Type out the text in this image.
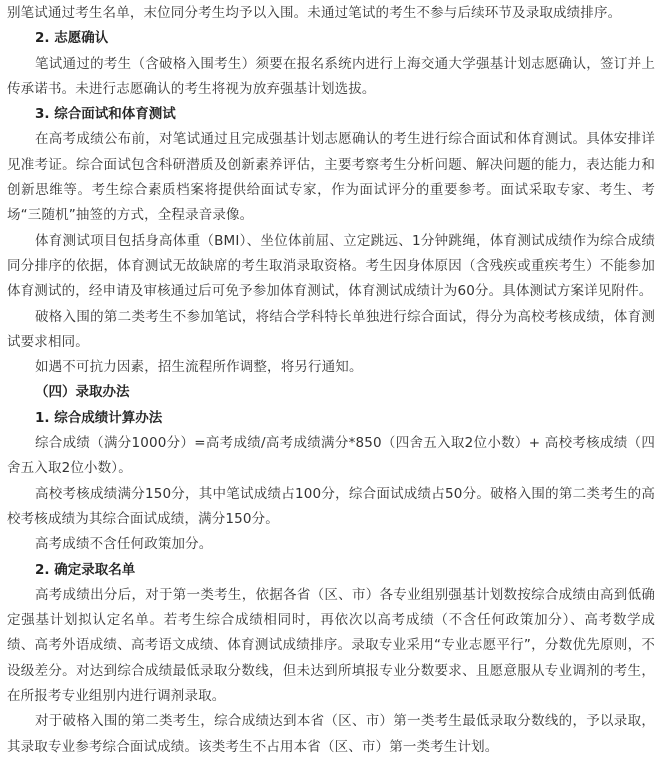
别笔试通过考生名单，末位同分考生均予以入围。未通过笔试的考生不参与后续环节及录取成绩排序。

2. 志愿确认

笔试通过的考生（含破格入围考生）须要在报名系统内进行上海交通大学强基计划志愿确认，签订并上传承诺书。未进行志愿确认的考生将视为放弃强基计划选拔。

3. 综合面试和体育测试

在高考成绩公布前，对笔试通过且完成强基计划志愿确认的考生进行综合面试和体育测试。具体安排详见准考证。综合面试包含科研潜质及创新素养评估，主要考察考生分析问题、解决问题的能力，表达能力和创新思维等。考生综合素质档案将提供给面试专家，作为面试评分的重要参考。面试采取专家、考生、考场“三随机”抽签的方式，全程录音录像。

体育测试项目包括身高体重（BMI）、坐位体前屈、立定跳远、1分钟跳绳，体育测试成绩作为综合成绩同分排序的依据，体育测试无故缺席的考生取消录取资格。考生因身体原因（含残疾或重疾考生）不能参加体育测试的，经申请及审核通过后可免予参加体育测试，体育测试成绩计为60分。具体测试方案详见附件。

破格入围的第二类考生不参加笔试，将结合学科特长单独进行综合面试，得分为高校考核成绩，体育测试要求相同。

如遇不可抗力因素，招生流程所作调整，将另行通知。

（四）录取办法

1. 综合成绩计算办法

综合成绩（满分1000分）=高考成绩/高考成绩满分*850（四舍五入取2位小数）+ 高校考核成绩（四舍五入取2位小数）。

高校考核成绩满分150分，其中笔试成绩占100分，综合面试成绩占50分。破格入围的第二类考生的高校考核成绩为其综合面试成绩，满分150分。

高考成绩不含任何政策加分。

2. 确定录取名单

高考成绩出分后，对于第一类考生，依据各省（区、市）各专业组别强基计划数按综合成绩由高到低确定强基计划拟认定名单。若考生综合成绩相同时，再依次以高考成绩（不含任何政策加分）、高考数学成绩、高考外语成绩、高考语文成绩、体育测试成绩排序。录取专业采用“专业志愿平行”，分数优先原则，不设级差分。对达到综合成绩最低录取分数线，但未达到所填报专业分数要求、且愿意服从专业调剂的考生，在所报考专业组别内进行调剂录取。

对于破格入围的第二类考生，综合成绩达到本省（区、市）第一类考生最低录取分数线的，予以录取，其录取专业参考综合面试成绩。该类考生不占用本省（区、市）第一类考生计划。
